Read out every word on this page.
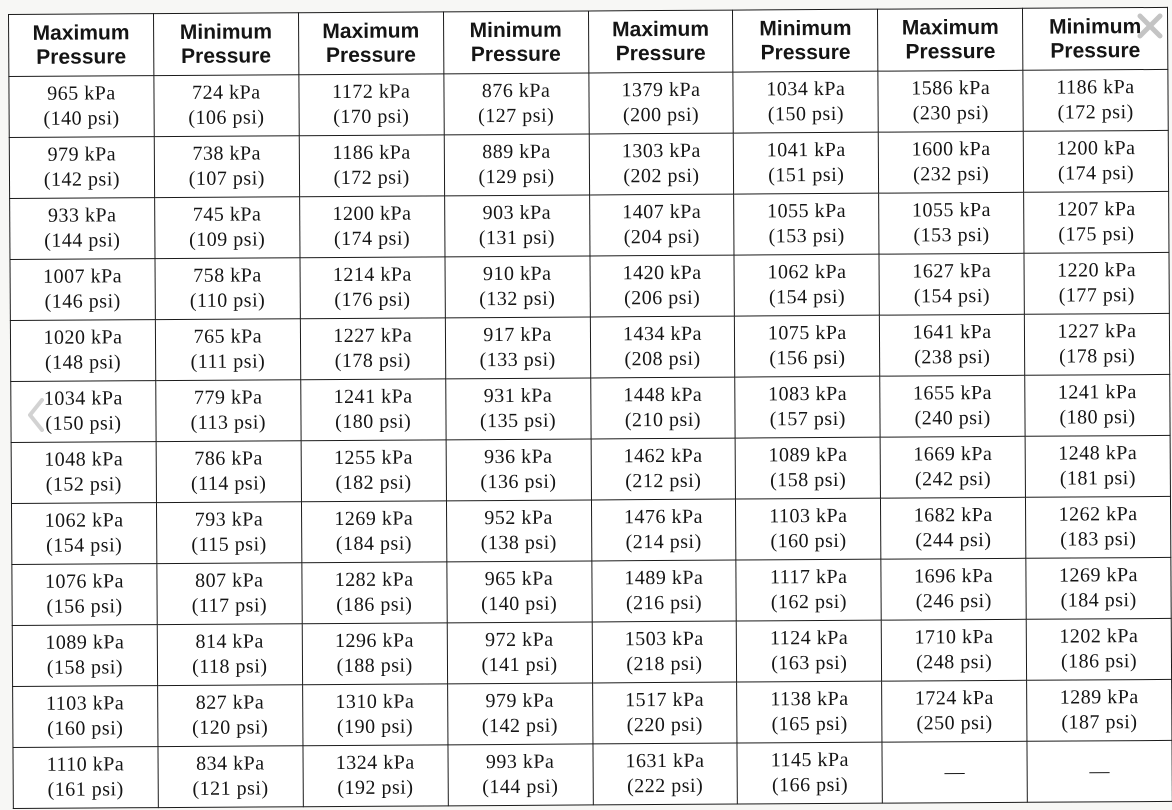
Maximum
Pressure	Minimum
Pressure	Maximum
Pressure	Minimum
Pressure	Maximum
Pressure	Minimum
Pressure	Maximum
Pressure	Minimum
Pressure

965 kPa
(140 psi)	724 kPa
(106 psi)	1172 kPa
(170 psi)	876 kPa
(127 psi)	1379 kPa
(200 psi)	1034 kPa
(150 psi)	1586 kPa
(230 psi)	1186 kPa
(172 psi)

979 kPa
(142 psi)	738 kPa
(107 psi)	1186 kPa
(172 psi)	889 kPa
(129 psi)	1303 kPa
(202 psi)	1041 kPa
(151 psi)	1600 kPa
(232 psi)	1200 kPa
(174 psi)

933 kPa
(144 psi)	745 kPa
(109 psi)	1200 kPa
(174 psi)	903 kPa
(131 psi)	1407 kPa
(204 psi)	1055 kPa
(153 psi)	1055 kPa
(153 psi)	1207 kPa
(175 psi)

1007 kPa
(146 psi)	758 kPa
(110 psi)	1214 kPa
(176 psi)	910 kPa
(132 psi)	1420 kPa
(206 psi)	1062 kPa
(154 psi)	1627 kPa
(154 psi)	1220 kPa
(177 psi)

1020 kPa
(148 psi)	765 kPa
(111 psi)	1227 kPa
(178 psi)	917 kPa
(133 psi)	1434 kPa
(208 psi)	1075 kPa
(156 psi)	1641 kPa
(238 psi)	1227 kPa
(178 psi)

1034 kPa
(150 psi)	779 kPa
(113 psi)	1241 kPa
(180 psi)	931 kPa
(135 psi)	1448 kPa
(210 psi)	1083 kPa
(157 psi)	1655 kPa
(240 psi)	1241 kPa
(180 psi)

1048 kPa
(152 psi)	786 kPa
(114 psi)	1255 kPa
(182 psi)	936 kPa
(136 psi)	1462 kPa
(212 psi)	1089 kPa
(158 psi)	1669 kPa
(242 psi)	1248 kPa
(181 psi)

1062 kPa
(154 psi)	793 kPa
(115 psi)	1269 kPa
(184 psi)	952 kPa
(138 psi)	1476 kPa
(214 psi)	1103 kPa
(160 psi)	1682 kPa
(244 psi)	1262 kPa
(183 psi)

1076 kPa
(156 psi)	807 kPa
(117 psi)	1282 kPa
(186 psi)	965 kPa
(140 psi)	1489 kPa
(216 psi)	1117 kPa
(162 psi)	1696 kPa
(246 psi)	1269 kPa
(184 psi)

1089 kPa
(158 psi)	814 kPa
(118 psi)	1296 kPa
(188 psi)	972 kPa
(141 psi)	1503 kPa
(218 psi)	1124 kPa
(163 psi)	1710 kPa
(248 psi)	1202 kPa
(186 psi)

1103 kPa
(160 psi)	827 kPa
(120 psi)	1310 kPa
(190 psi)	979 kPa
(142 psi)	1517 kPa
(220 psi)	1138 kPa
(165 psi)	1724 kPa
(250 psi)	1289 kPa
(187 psi)

1110 kPa
(161 psi)	834 kPa
(121 psi)	1324 kPa
(192 psi)	993 kPa
(144 psi)	1631 kPa
(222 psi)	1145 kPa
(166 psi)	—	—
